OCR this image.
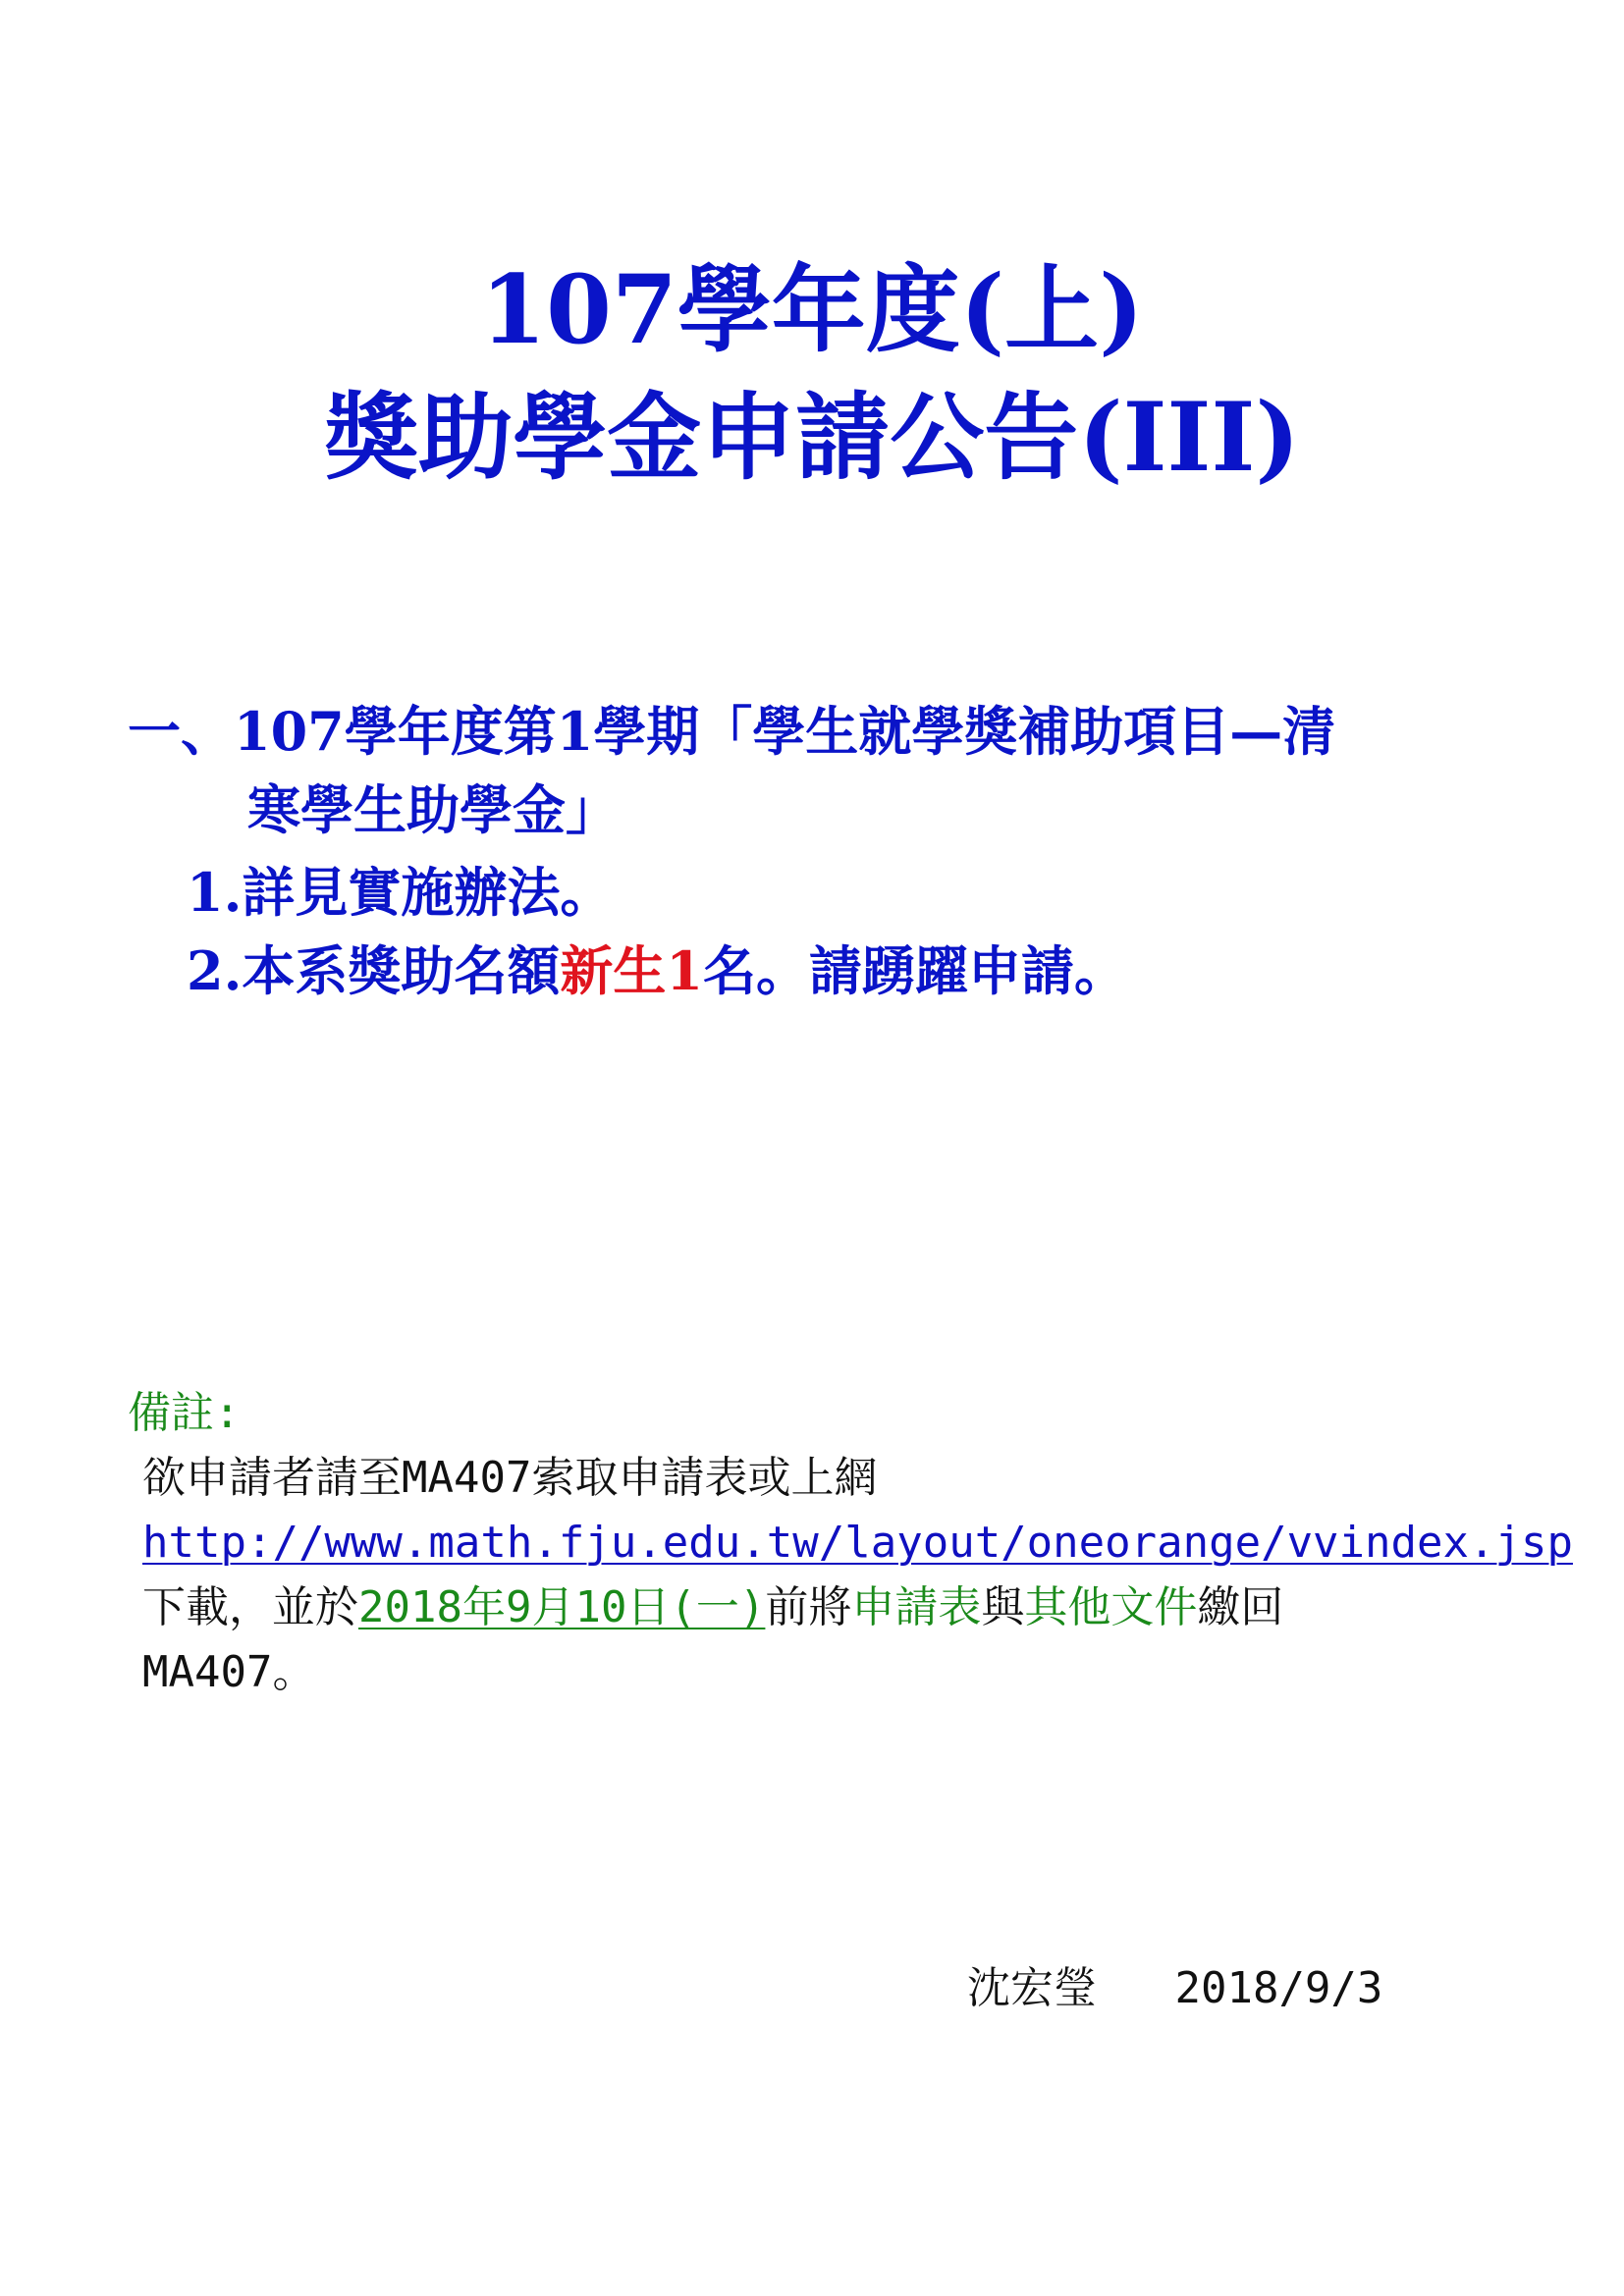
107學年度(上)
獎助學金申請公告(III)
一、107學年度第1學期「學生就學獎補助項目—清
寒學生助學金」
1.詳見實施辦法。
2.本系獎助名額新生1名。請踴躍申請。
備註:
欲申請者請至MA407索取申請表或上網
http://www.math.fju.edu.tw/layout/oneorange/vvindex.jsp
下載，並於2018年9月10日(一)前將申請表與其他文件繳回
MA407。
沈宏瑩 2018/9/3
